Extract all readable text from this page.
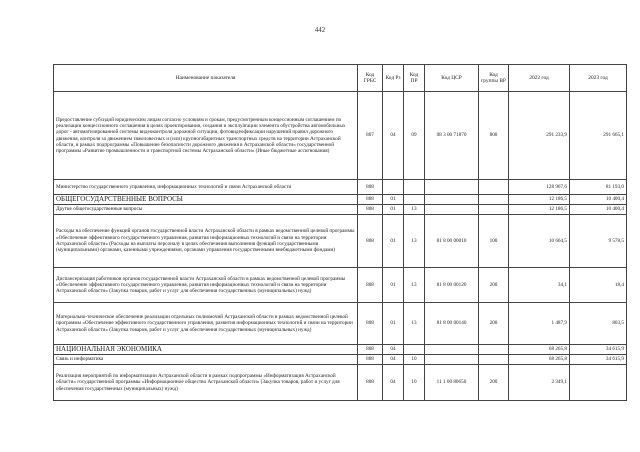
442
Наименование показателя	Код ГРБС	Код Рз	Код ПР	Код ЦСР	Код группы ВР	2022 год	2023 год
Предоставление субсидий юридическим лицам согласно условиям и срокам, предусмотренным концессионным соглашением по реализации концессионного соглашения в целях проектирования, создания и эксплуатации элемента обустройства автомобильных дорог - автоматизированной системы видеоконтроля дорожной ситуации, фотовидеофиксации нарушений правил дорожного движения, контроля за движением тяжеловесных и (или) крупногабаритных транспортных средств на территории Астраханской области, в рамках подпрограммы «Повышение безопасности дорожного движения в Астраханской области» государственной программы «Развитие промышленности и транспортной системы Астраханской области» (Иные бюджетные ассигнования)	807	04	09	08 3 00 71870	800	291 233,9	291 665,1
Министерство государственного управления, информационных технологий и связи Астраханской области	808					128 967,6	81 193,0
ОБЩЕГОСУДАРСТВЕННЫЕ ВОПРОСЫ	808	01				12 186,5	10 400,4
Другие общегосударственные вопросы	808	01	13			12 186,5	10 400,4
Расходы на обеспечение функций органов государственной власти Астраханской области в рамках ведомственной целевой программы «Обеспечение эффективного государственного управления, развития информационных технологий и связи на территории Астраханской области» (Расходы на выплаты персоналу в целях обеспечения выполнения функций государственными (муниципальными) органами, казенными учреждениями, органами управления государственными внебюджетными фондами)	808	01	13	81 8 00 00010	100	10 664,5	9 578,5
Диспансеризация работников органов государственной власти Астраханской области в рамках ведомственной целевой программы «Обеспечение эффективного государственного управления, развития информационных технологий и связи на территории Астраханской области» (Закупка товаров, работ и услуг для обеспечения государственных (муниципальных) нужд)	808	01	13	81 8 00 00120	200	34,1	18,4
Материально-техническое обеспечение реализации отдельных полномочий Астраханской области в рамках ведомственной целевой программы «Обеспечение эффективного государственного управления, развития информационных технологий и связи на территории Астраханской области» (Закупка товаров, работ и услуг для обеспечения государственных (муниципальных) нужд)	808	01	13	81 8 00 00140	200	1 487,9	803,5
НАЦИОНАЛЬНАЯ ЭКОНОМИКА	808	04				68 265,8	34 615,9
Связь и информатика	808	04	10			68 265,8	34 615,9
Реализация мероприятий по информатизации Астраханской области в рамках подпрограммы «Информатизация Астраханской области» государственной программы «Информационное общество Астраханской области» (Закупка товаров, работ и услуг для обеспечения государственных (муниципальных) нужд)	808	04	10	11 1 00 80650	200	2 349,1	
